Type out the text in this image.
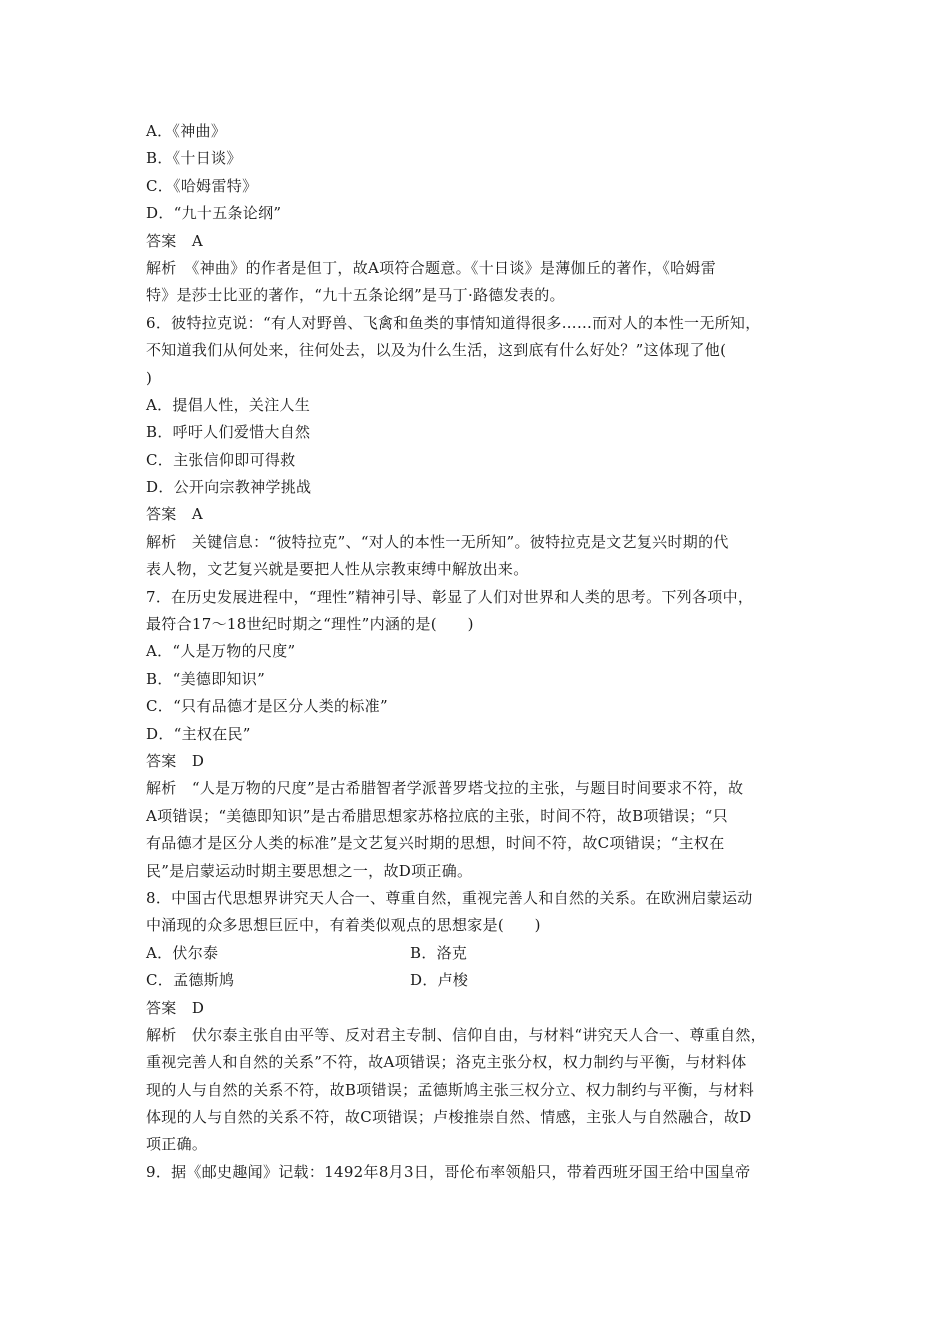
A．《神曲》
B．《十日谈》
C．《哈姆雷特》
D．“九十五条论纲”
答案　A
解析　《神曲》的作者是但丁，故A项符合题意。《十日谈》是薄伽丘的著作，《哈姆雷
特》是莎士比亚的著作，“九十五条论纲”是马丁·路德发表的。
6．彼特拉克说：“有人对野兽、飞禽和鱼类的事情知道得很多……而对人的本性一无所知，
不知道我们从何处来，往何处去，以及为什么生活，这到底有什么好处？”这体现了他(
)
A．提倡人性，关注人生
B．呼吁人们爱惜大自然
C．主张信仰即可得救
D．公开向宗教神学挑战
答案　A
解析　关键信息：“彼特拉克”、“对人的本性一无所知”。彼特拉克是文艺复兴时期的代
表人物，文艺复兴就是要把人性从宗教束缚中解放出来。
7．在历史发展进程中，“理性”精神引导、彰显了人们对世界和人类的思考。下列各项中，
最符合17～18世纪时期之“理性”内涵的是(　　)
A．“人是万物的尺度”
B．“美德即知识”
C．“只有品德才是区分人类的标准”
D．“主权在民”
答案　D
解析　“人是万物的尺度”是古希腊智者学派普罗塔戈拉的主张，与题目时间要求不符，故
A项错误；“美德即知识”是古希腊思想家苏格拉底的主张，时间不符，故B项错误；“只
有品德才是区分人类的标准”是文艺复兴时期的思想，时间不符，故C项错误；“主权在
民”是启蒙运动时期主要思想之一，故D项正确。
8．中国古代思想界讲究天人合一、尊重自然，重视完善人和自然的关系。在欧洲启蒙运动
中涌现的众多思想巨匠中，有着类似观点的思想家是(　　)
A．伏尔泰	B．洛克
C．孟德斯鸠	D．卢梭
答案　D
解析　伏尔泰主张自由平等、反对君主专制、信仰自由，与材料“讲究天人合一、尊重自然，
重视完善人和自然的关系”不符，故A项错误；洛克主张分权，权力制约与平衡，与材料体
现的人与自然的关系不符，故B项错误；孟德斯鸠主张三权分立、权力制约与平衡，与材料
体现的人与自然的关系不符，故C项错误；卢梭推崇自然、情感，主张人与自然融合，故D
项正确。
9．据《邮史趣闻》记载：1492年8月3日，哥伦布率领船只，带着西班牙国王给中国皇帝
